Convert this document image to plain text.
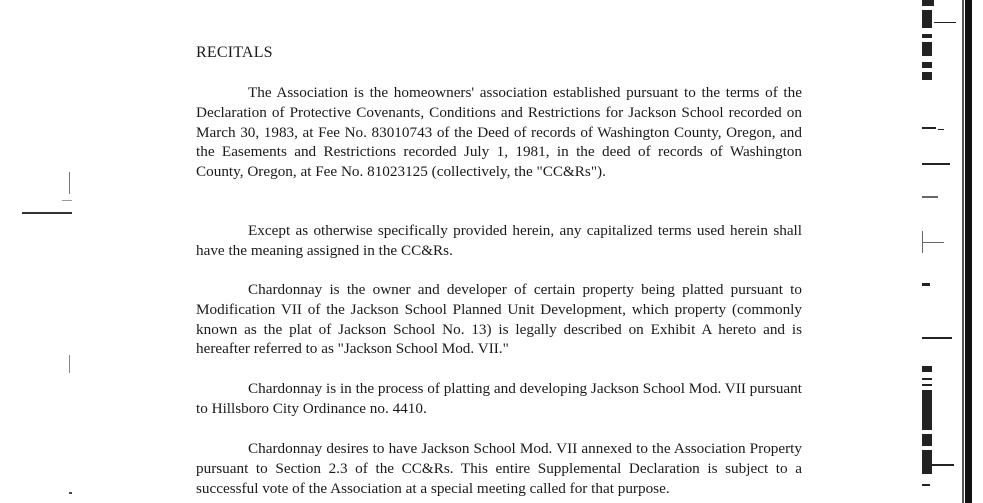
RECITALS

The Association is the homeowners' association established pursuant to the terms of the Declaration of Protective Covenants, Conditions and Restrictions for Jackson School recorded on March 30, 1983, at Fee No. 83010743 of the Deed of records of Washington County, Oregon, and the Easements and Restrictions recorded July 1, 1981, in the deed of records of Washington County, Oregon, at Fee No. 81023125 (collectively, the "CC&Rs").

Except as otherwise specifically provided herein, any capitalized terms used herein shall have the meaning assigned in the CC&Rs.

Chardonnay is the owner and developer of certain property being platted pursuant to Modification VII of the Jackson School Planned Unit Development, which property (commonly known as the plat of Jackson School No. 13) is legally described on Exhibit A hereto and is hereafter referred to as "Jackson School Mod. VII."

Chardonnay is in the process of platting and developing Jackson School Mod. VII pursuant to Hillsboro City Ordinance no. 4410.

Chardonnay desires to have Jackson School Mod. VII annexed to the Association Property pursuant to Section 2.3 of the CC&Rs. This entire Supplemental Declaration is subject to a successful vote of the Association at a special meeting called for that purpose.
